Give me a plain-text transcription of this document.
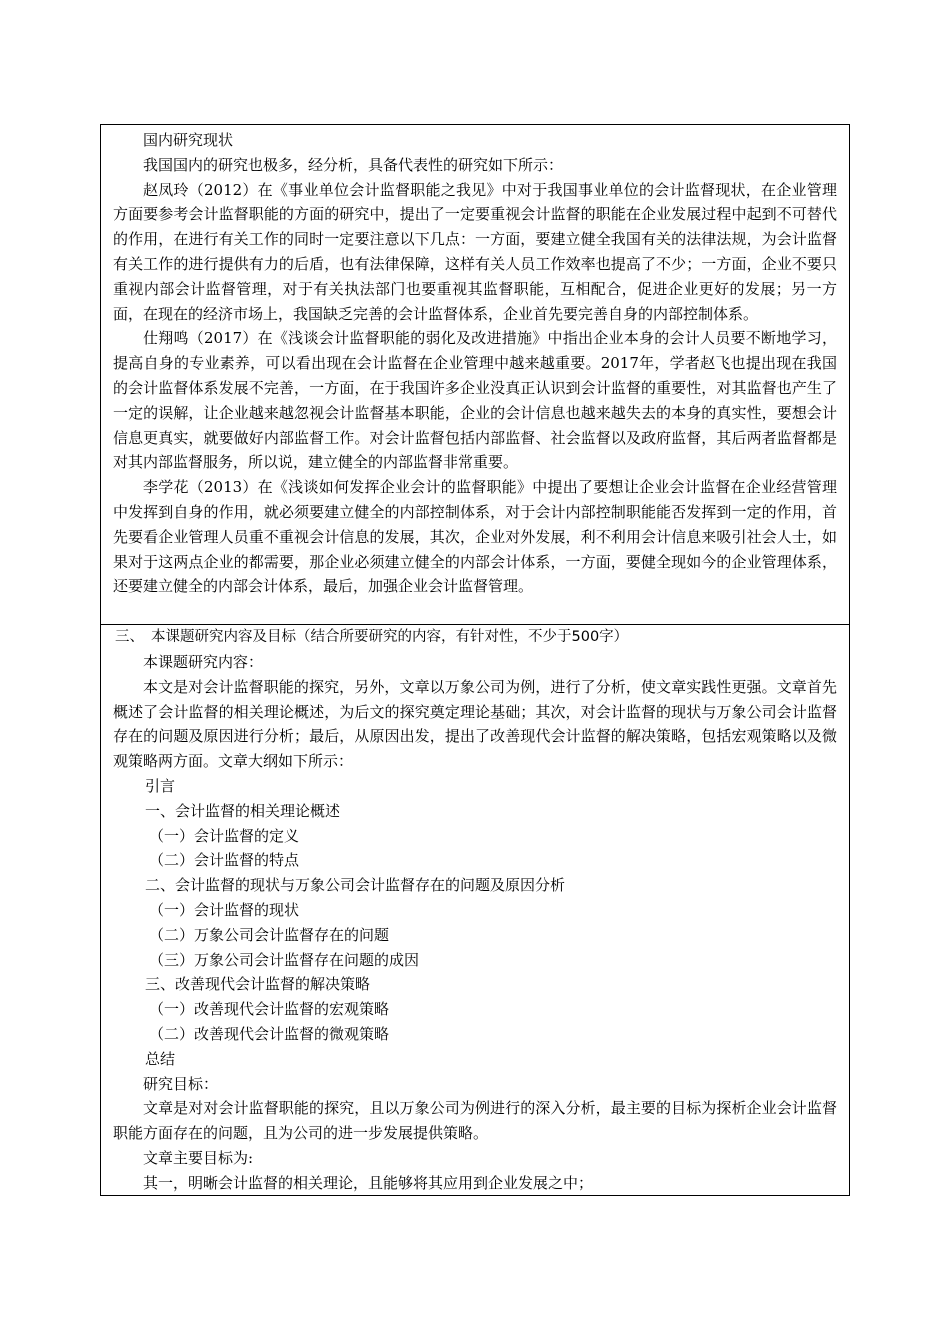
国内研究现状

我国国内的研究也极多，经分析，具备代表性的研究如下所示：

赵凤玲（2012）在《事业单位会计监督职能之我见》中对于我国事业单位的会计监督现状，在企业管理方面要参考会计监督职能的方面的研究中，提出了一定要重视会计监督的职能在企业发展过程中起到不可替代的作用，在进行有关工作的同时一定要注意以下几点：一方面，要建立健全我国有关的法律法规，为会计监督有关工作的进行提供有力的后盾，也有法律保障，这样有关人员工作效率也提高了不少；一方面，企业不要只重视内部会计监督管理，对于有关执法部门也要重视其监督职能，互相配合，促进企业更好的发展；另一方面，在现在的经济市场上，我国缺乏完善的会计监督体系，企业首先要完善自身的内部控制体系。

仕翔鸣（2017）在《浅谈会计监督职能的弱化及改进措施》中指出企业本身的会计人员要不断地学习，提高自身的专业素养，可以看出现在会计监督在企业管理中越来越重要。2017年，学者赵飞也提出现在我国的会计监督体系发展不完善，一方面，在于我国许多企业没真正认识到会计监督的重要性，对其监督也产生了一定的误解，让企业越来越忽视会计监督基本职能，企业的会计信息也越来越失去的本身的真实性，要想会计信息更真实，就要做好内部监督工作。对会计监督包括内部监督、社会监督以及政府监督，其后两者监督都是对其内部监督服务，所以说，建立健全的内部监督非常重要。

李学花（2013）在《浅谈如何发挥企业会计的监督职能》中提出了要想让企业会计监督在企业经营管理中发挥到自身的作用，就必须要建立健全的内部控制体系，对于会计内部控制职能能否发挥到一定的作用，首先要看企业管理人员重不重视会计信息的发展，其次，企业对外发展，利不利用会计信息来吸引社会人士，如果对于这两点企业的都需要，那企业必须建立健全的内部会计体系，一方面，要健全现如今的企业管理体系，还要建立健全的内部会计体系，最后，加强企业会计监督管理。

三、 本课题研究内容及目标（结合所要研究的内容，有针对性，不少于500字）

本课题研究内容：

本文是对会计监督职能的探究，另外，文章以万象公司为例，进行了分析，使文章实践性更强。文章首先概述了会计监督的相关理论概述，为后文的探究奠定理论基础；其次，对会计监督的现状与万象公司会计监督存在的问题及原因进行分析；最后，从原因出发，提出了改善现代会计监督的解决策略，包括宏观策略以及微观策略两方面。文章大纲如下所示：

引言

一、会计监督的相关理论概述

（一）会计监督的定义

（二）会计监督的特点

二、会计监督的现状与万象公司会计监督存在的问题及原因分析

（一）会计监督的现状

（二）万象公司会计监督存在的问题

（三）万象公司会计监督存在问题的成因

三、改善现代会计监督的解决策略

（一）改善现代会计监督的宏观策略

（二）改善现代会计监督的微观策略

总结

研究目标：

文章是对对会计监督职能的探究，且以万象公司为例进行的深入分析，最主要的目标为探析企业会计监督职能方面存在的问题，且为公司的进一步发展提供策略。

文章主要目标为:

其一，明晰会计监督的相关理论，且能够将其应用到企业发展之中；
